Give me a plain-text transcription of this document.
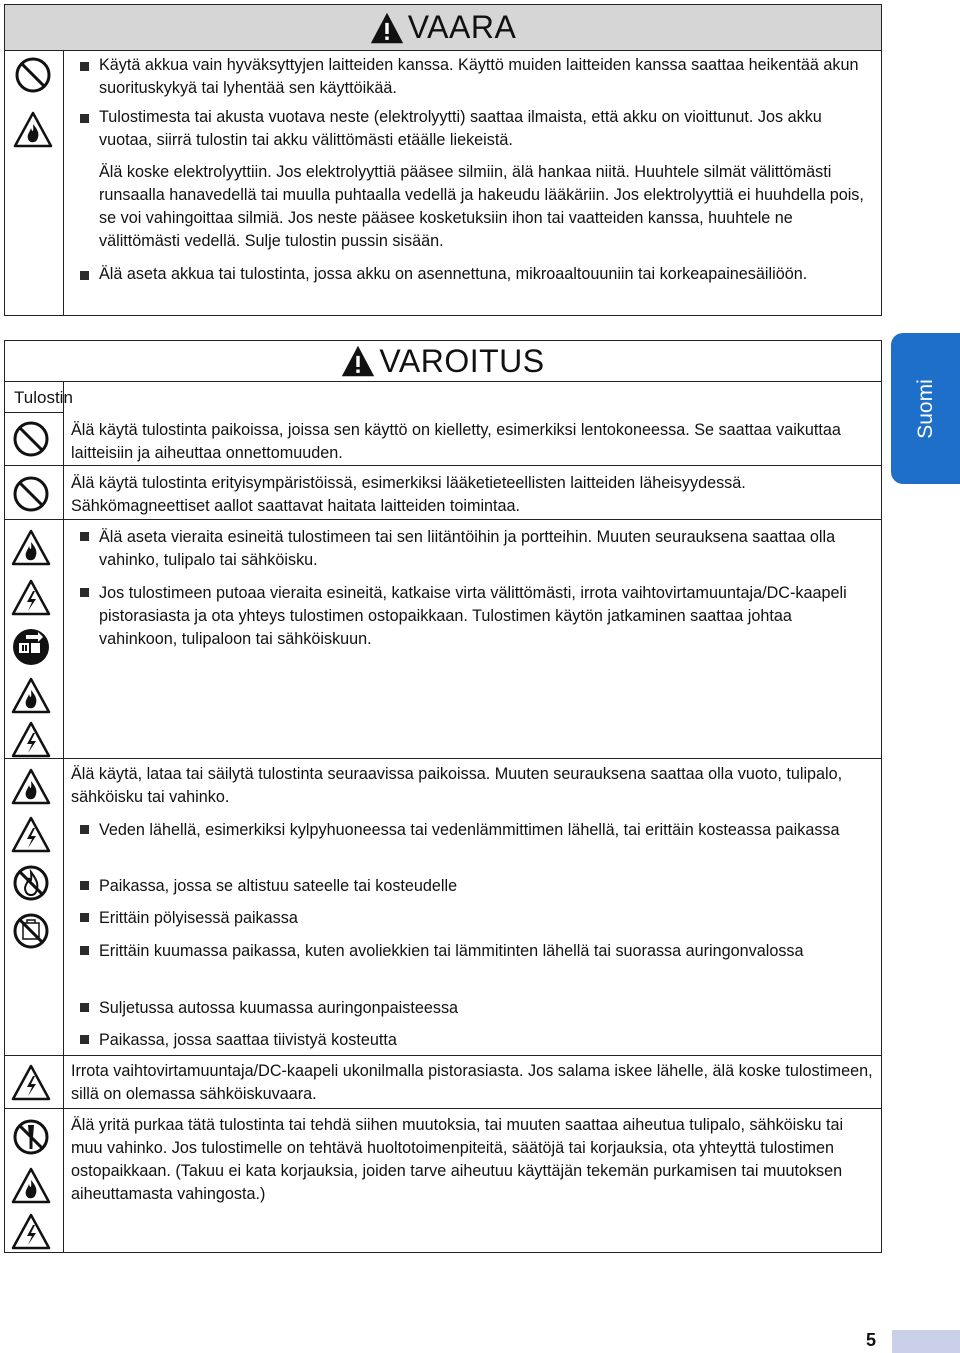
VAARA
Käytä akkua vain hyväksyttyjen laitteiden kanssa. Käyttö muiden laitteiden kanssa saattaa heikentää akun suorituskykyä tai lyhentää sen käyttöikää.
Tulostimesta tai akusta vuotava neste (elektrolyytti) saattaa ilmaista, että akku on vioittunut. Jos akku vuotaa, siirrä tulostin tai akku välittömästi etäälle liekeistä.
Älä koske elektrolyyttiin. Jos elektrolyyttiä pääsee silmiin, älä hankaa niitä. Huuhtele silmät välittömästi runsaalla hanavedellä tai muulla puhtaalla vedellä ja hakeudu lääkäriin. Jos elektrolyyttiä ei huuhdella pois, se voi vahingoittaa silmiä. Jos neste pääsee kosketuksiin ihon tai vaatteiden kanssa, huuhtele ne välittömästi vedellä. Sulje tulostin pussin sisään.
Älä aseta akkua tai tulostinta, jossa akku on asennettuna, mikroaaltouuniin tai korkeapainesäiliöön.
VAROITUS
Tulostin
Älä käytä tulostinta paikoissa, joissa sen käyttö on kielletty, esimerkiksi lentokoneessa. Se saattaa vaikuttaa laitteisiin ja aiheuttaa onnettomuuden.
Älä käytä tulostinta erityisympäristöissä, esimerkiksi lääketieteellisten laitteiden läheisyydessä. Sähkömagneettiset aallot saattavat haitata laitteiden toimintaa.
Älä aseta vieraita esineitä tulostimeen tai sen liitäntöihin ja portteihin. Muuten seurauksena saattaa olla vahinko, tulipalo tai sähköisku.
Jos tulostimeen putoaa vieraita esineitä, katkaise virta välittömästi, irrota vaihtovirtamuuntaja/DC-kaapeli pistorasiasta ja ota yhteys tulostimen ostopaikkaan. Tulostimen käytön jatkaminen saattaa johtaa vahinkoon, tulipaloon tai sähköiskuun.
Älä käytä, lataa tai säilytä tulostinta seuraavissa paikoissa. Muuten seurauksena saattaa olla vuoto, tulipalo, sähköisku tai vahinko.
Veden lähellä, esimerkiksi kylpyhuoneessa tai vedenlämmittimen lähellä, tai erittäin kosteassa paikassa
Paikassa, jossa se altistuu sateelle tai kosteudelle
Erittäin pölyisessä paikassa
Erittäin kuumassa paikassa, kuten avoliekkien tai lämmitinten lähellä tai suorassa auringonvalossa
Suljetussa autossa kuumassa auringonpaisteessa
Paikassa, jossa saattaa tiivistyä kosteutta
Irrota vaihtovirtamuuntaja/DC-kaapeli ukonilmalla pistorasiasta. Jos salama iskee lähelle, älä koske tulostimeen, sillä on olemassa sähköiskuvaara.
Älä yritä purkaa tätä tulostinta tai tehdä siihen muutoksia, tai muuten saattaa aiheutua tulipalo, sähköisku tai muu vahinko. Jos tulostimelle on tehtävä huoltotoimenpiteitä, säätöjä tai korjauksia, ota yhteyttä tulostimen ostopaikkaan. (Takuu ei kata korjauksia, joiden tarve aiheutuu käyttäjän tekemän purkamisen tai muutoksen aiheuttamasta vahingosta.)
Suomi
5
